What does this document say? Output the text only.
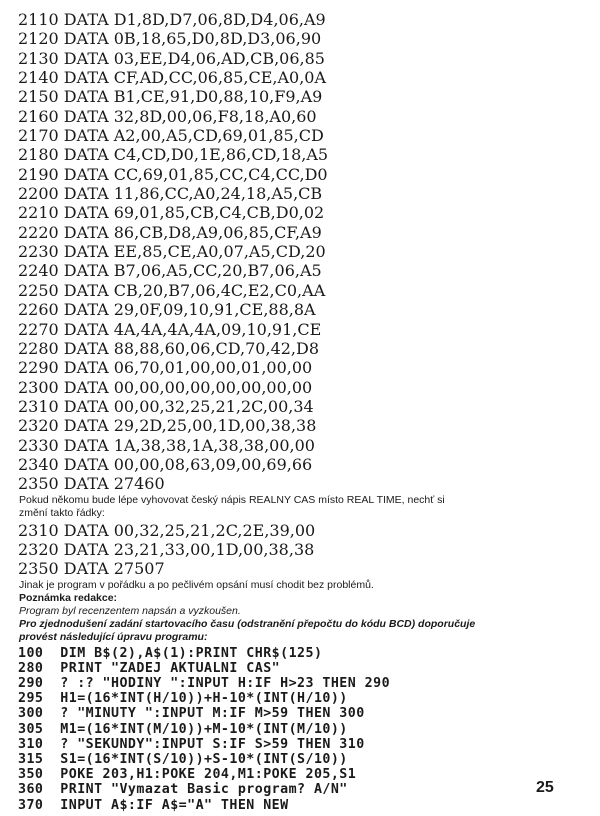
2110 DATA D1,8D,D7,06,8D,D4,06,A9
2120 DATA 0B,18,65,D0,8D,D3,06,90
2130 DATA 03,EE,D4,06,AD,CB,06,85
2140 DATA CF,AD,CC,06,85,CE,A0,0A
2150 DATA B1,CE,91,D0,88,10,F9,A9
2160 DATA 32,8D,00,06,F8,18,A0,60
2170 DATA A2,00,A5,CD,69,01,85,CD
2180 DATA C4,CD,D0,1E,86,CD,18,A5
2190 DATA CC,69,01,85,CC,C4,CC,D0
2200 DATA 11,86,CC,A0,24,18,A5,CB
2210 DATA 69,01,85,CB,C4,CB,D0,02
2220 DATA 86,CB,D8,A9,06,85,CF,A9
2230 DATA EE,85,CE,A0,07,A5,CD,20
2240 DATA B7,06,A5,CC,20,B7,06,A5
2250 DATA CB,20,B7,06,4C,E2,C0,AA
2260 DATA 29,0F,09,10,91,CE,88,8A
2270 DATA 4A,4A,4A,4A,09,10,91,CE
2280 DATA 88,88,60,06,CD,70,42,D8
2290 DATA 06,70,01,00,00,01,00,00
2300 DATA 00,00,00,00,00,00,00,00
2310 DATA 00,00,32,25,21,2C,00,34
2320 DATA 29,2D,25,00,1D,00,38,38
2330 DATA 1A,38,38,1A,38,38,00,00
2340 DATA 00,00,08,63,09,00,69,66
2350 DATA 27460
Pokud někomu bude lépe vyhovovat český nápis REALNY CAS místo REAL TIME, nechť si
změní takto řádky:
2310 DATA 00,32,25,21,2C,2E,39,00
2320 DATA 23,21,33,00,1D,00,38,38
2350 DATA 27507
Jinak je program v pořádku a po pečlivém opsání musí chodit bez problémů.
Poznámka redakce:
Program byl recenzentem napsán a vyzkoušen.
Pro zjednodušení zadání startovacího času (odstranění přepočtu do kódu BCD) doporučuje
provést následující úpravu programu:
100  DIM B$(2),A$(1):PRINT CHR$(125)
280  PRINT "ZADEJ AKTUALNI CAS"
290  ? :? "HODINY ":INPUT H:IF H>23 THEN 290
295  H1=(16*INT(H/10))+H-10*(INT(H/10))
300  ? "MINUTY ":INPUT M:IF M>59 THEN 300
305  M1=(16*INT(M/10))+M-10*(INT(M/10))
310  ? "SEKUNDY":INPUT S:IF S>59 THEN 310
315  S1=(16*INT(S/10))+S-10*(INT(S/10))
350  POKE 203,H1:POKE 204,M1:POKE 205,S1
360  PRINT "Vymazat Basic program? A/N"
370  INPUT A$:IF A$="A" THEN NEW
25
